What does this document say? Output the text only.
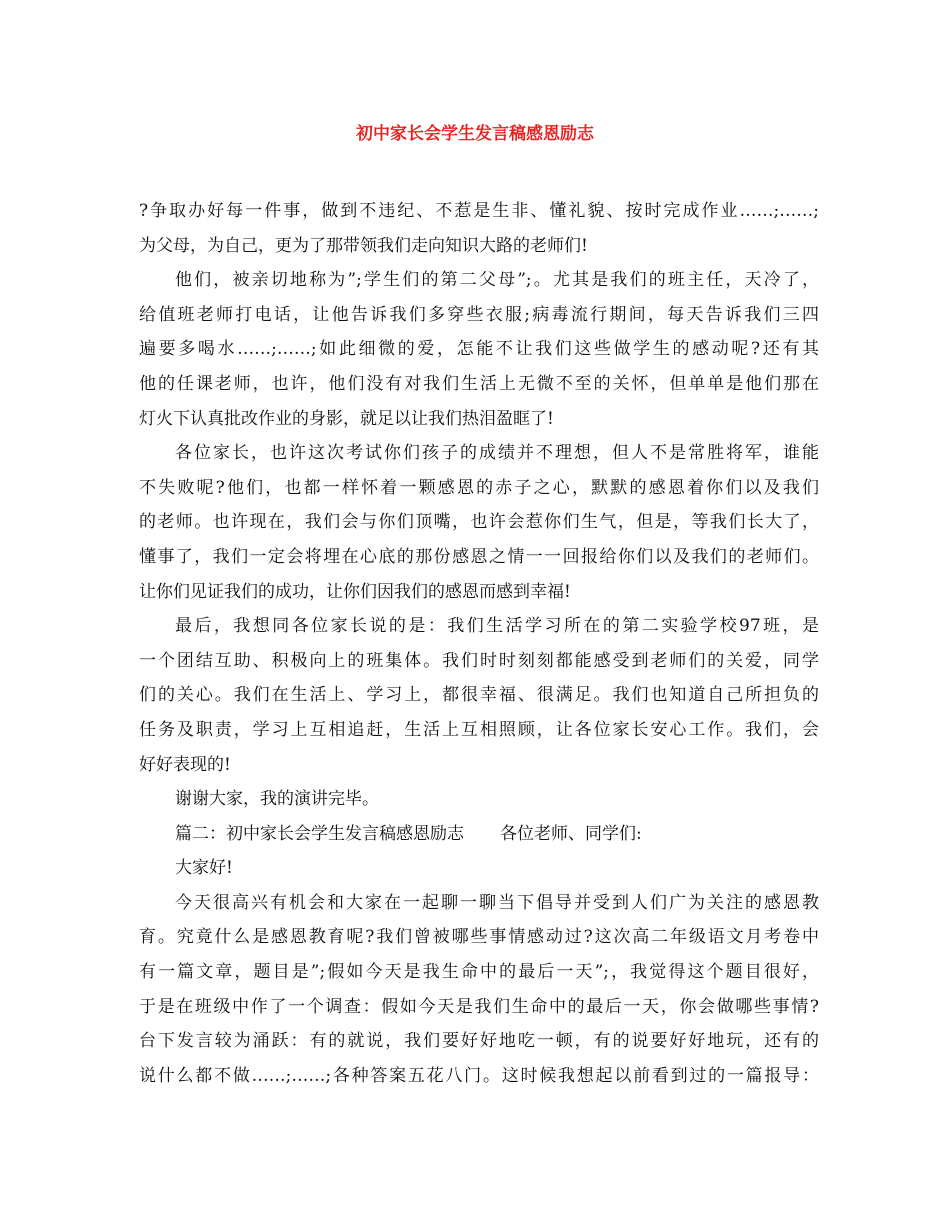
初中家长会学生发言稿感恩励志
?争取办好每一件事，做到不违纪、不惹是生非、懂礼貌、按时完成作业……;……;
为父母，为自己，更为了那带领我们走向知识大路的老师们!
他们，被亲切地称为”;学生们的第二父母”;。尤其是我们的班主任，天冷了，
给值班老师打电话，让他告诉我们多穿些衣服;病毒流行期间，每天告诉我们三四
遍要多喝水……;……;如此细微的爱，怎能不让我们这些做学生的感动呢?还有其
他的任课老师，也许，他们没有对我们生活上无微不至的关怀，但单单是他们那在
灯火下认真批改作业的身影，就足以让我们热泪盈眶了!
各位家长，也许这次考试你们孩子的成绩并不理想，但人不是常胜将军，谁能
不失败呢?他们，也都一样怀着一颗感恩的赤子之心，默默的感恩着你们以及我们
的老师。也许现在，我们会与你们顶嘴，也许会惹你们生气，但是，等我们长大了，
懂事了，我们一定会将埋在心底的那份感恩之情一一回报给你们以及我们的老师们。
让你们见证我们的成功，让你们因我们的感恩而感到幸福!
最后，我想同各位家长说的是：我们生活学习所在的第二实验学校97班，是
一个团结互助、积极向上的班集体。我们时时刻刻都能感受到老师们的关爱，同学
们的关心。我们在生活上、学习上，都很幸福、很满足。我们也知道自己所担负的
任务及职责，学习上互相追赶，生活上互相照顾，让各位家长安心工作。我们，会
好好表现的!
谢谢大家，我的演讲完毕。
篇二：初中家长会学生发言稿感恩励志 各位老师、同学们:
大家好!
今天很高兴有机会和大家在一起聊一聊当下倡导并受到人们广为关注的感恩教
育。究竟什么是感恩教育呢?我们曾被哪些事情感动过?这次高二年级语文月考卷中
有一篇文章，题目是”;假如今天是我生命中的最后一天”;，我觉得这个题目很好，
于是在班级中作了一个调查：假如今天是我们生命中的最后一天，你会做哪些事情?
台下发言较为涌跃：有的就说，我们要好好地吃一顿，有的说要好好地玩，还有的
说什么都不做……;……;各种答案五花八门。这时候我想起以前看到过的一篇报导：
